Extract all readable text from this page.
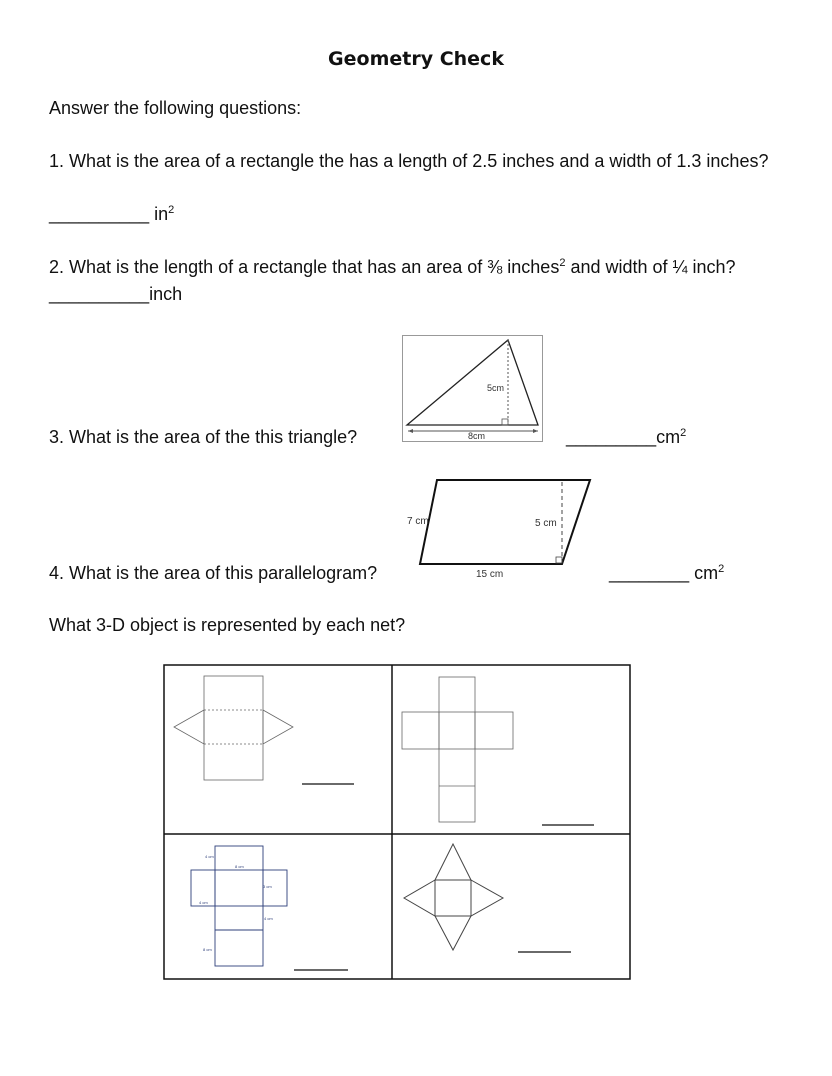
Geometry Check
Answer the following questions:
1. What is the area of a rectangle the has a length of 2.5 inches and a width of 1.3 inches?
__________ $in^2$
2. What is the length of a rectangle that has an area of ⅜ inches$^2$ and width of ¼ inch?
__________inch
5cm
8cm
3. What is the area of the this triangle?	$\_\_\_\_\_\_\_\_\_cm^2$
7 cm	5 cm
15 cm
4. What is the area of this parallelogram?	________ $cm^2$
What 3-D object is represented by each net?
4 cm
8 cm
3 cm
4 cm
4 cm
8 cm
